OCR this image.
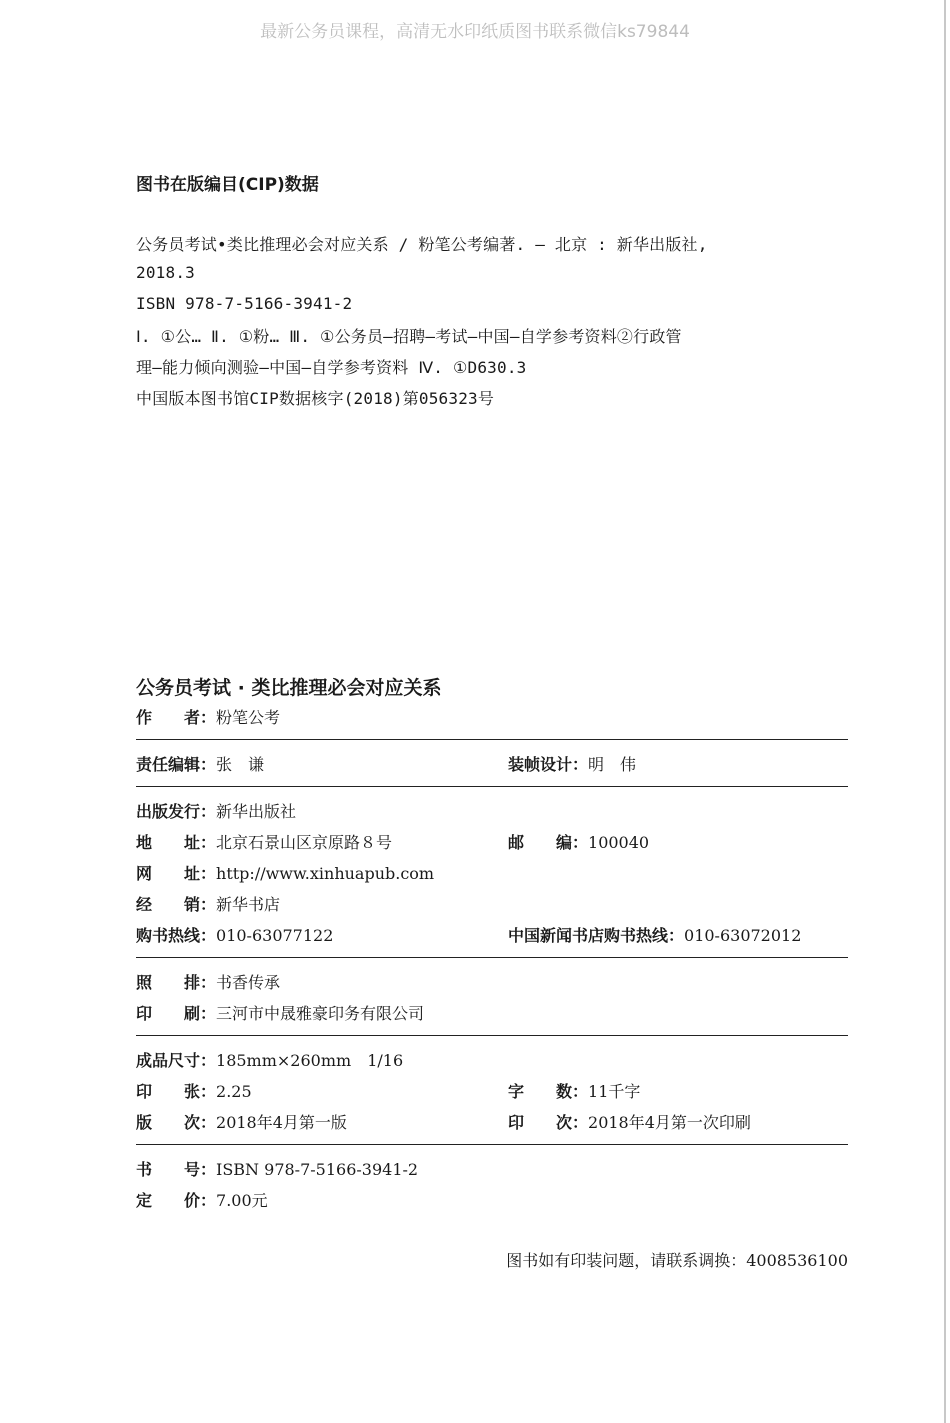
最新公务员课程，高清无水印纸质图书联系微信ks79844
图书在版编目(CIP)数据
公务员考试•类比推理必会对应关系 / 粉笔公考编著. — 北京 : 新华出版社,
2018.3
ISBN 978-7-5166-3941-2
Ⅰ. ①公… Ⅱ. ①粉… Ⅲ. ①公务员—招聘—考试—中国—自学参考资料②行政管
理—能力倾向测验—中国—自学参考资料 Ⅳ. ①D630.3
中国版本图书馆CIP数据核字(2018)第056323号
公务员考试 · 类比推理必会对应关系
作　　者：粉笔公考
责任编辑：张　谦	装帧设计：明　伟
出版发行：新华出版社
地　　址：北京石景山区京原路８号	邮　　编：100040
网　　址：http://www.xinhuapub.com
经　　销：新华书店
购书热线：010-63077122	中国新闻书店购书热线：010-63072012
照　　排：书香传承
印　　刷：三河市中晟雅豪印务有限公司
成品尺寸：185mm×260mm　1/16
印　　张：2.25	字　　数：11千字
版　　次：2018年4月第一版	印　　次：2018年4月第一次印刷
书　　号：ISBN 978-7-5166-3941-2
定　　价：7.00元
图书如有印装问题，请联系调换：4008536100
